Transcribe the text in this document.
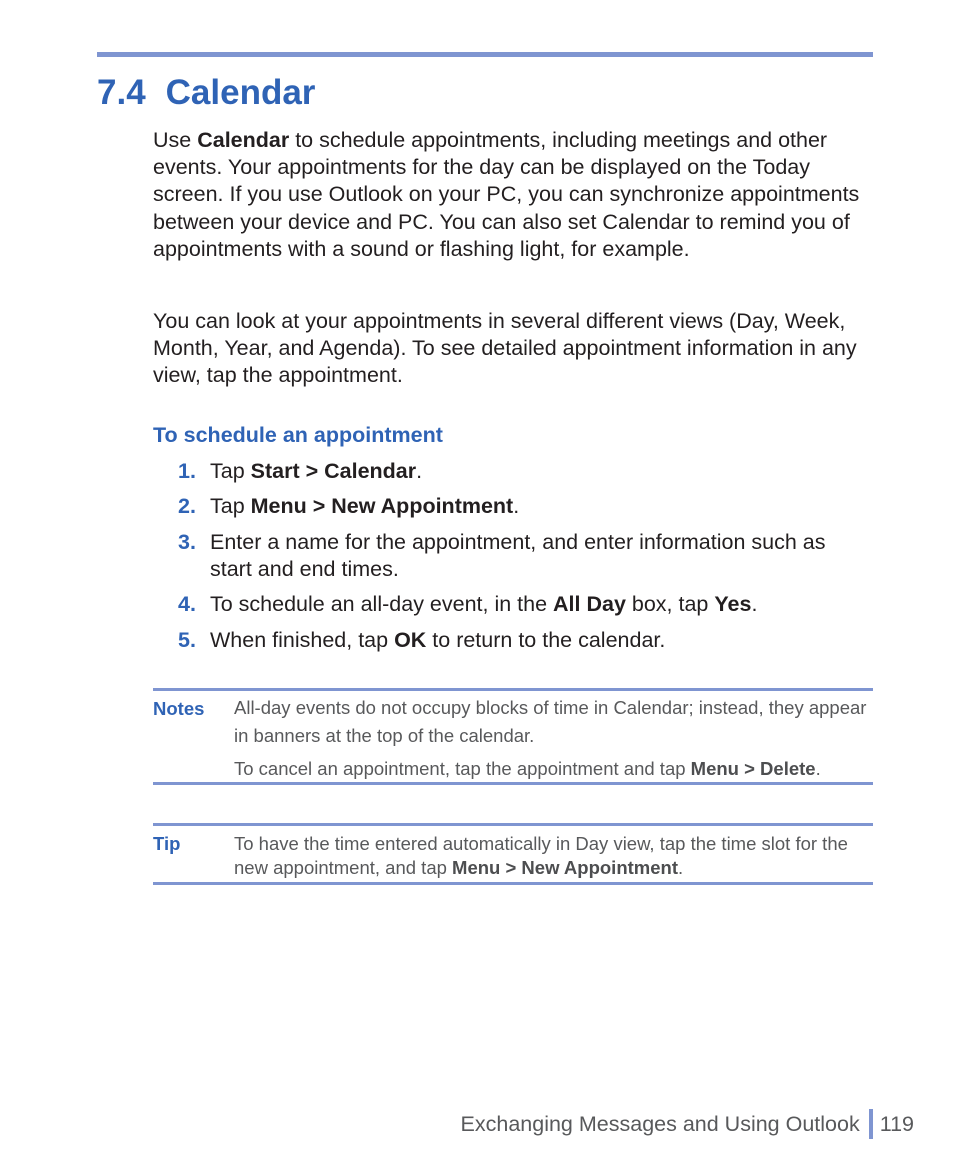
7.4 Calendar

Use Calendar to schedule appointments, including meetings and other events. Your appointments for the day can be displayed on the Today screen. If you use Outlook on your PC, you can synchronize appointments between your device and PC. You can also set Calendar to remind you of appointments with a sound or flashing light, for example.

You can look at your appointments in several different views (Day, Week, Month, Year, and Agenda). To see detailed appointment information in any view, tap the appointment.

To schedule an appointment
1. Tap Start > Calendar.
2. Tap Menu > New Appointment.
3. Enter a name for the appointment, and enter information such as start and end times.
4. To schedule an all-day event, in the All Day box, tap Yes.
5. When finished, tap OK to return to the calendar.

Notes All-day events do not occupy blocks of time in Calendar; instead, they appear in banners at the top of the calendar.

To cancel an appointment, tap the appointment and tap Menu > Delete.

Tip	To have the time entered automatically in Day view, tap the time slot for the new appointment, and tap Menu > New Appointment.

Exchanging Messages and Using Outlook 119
